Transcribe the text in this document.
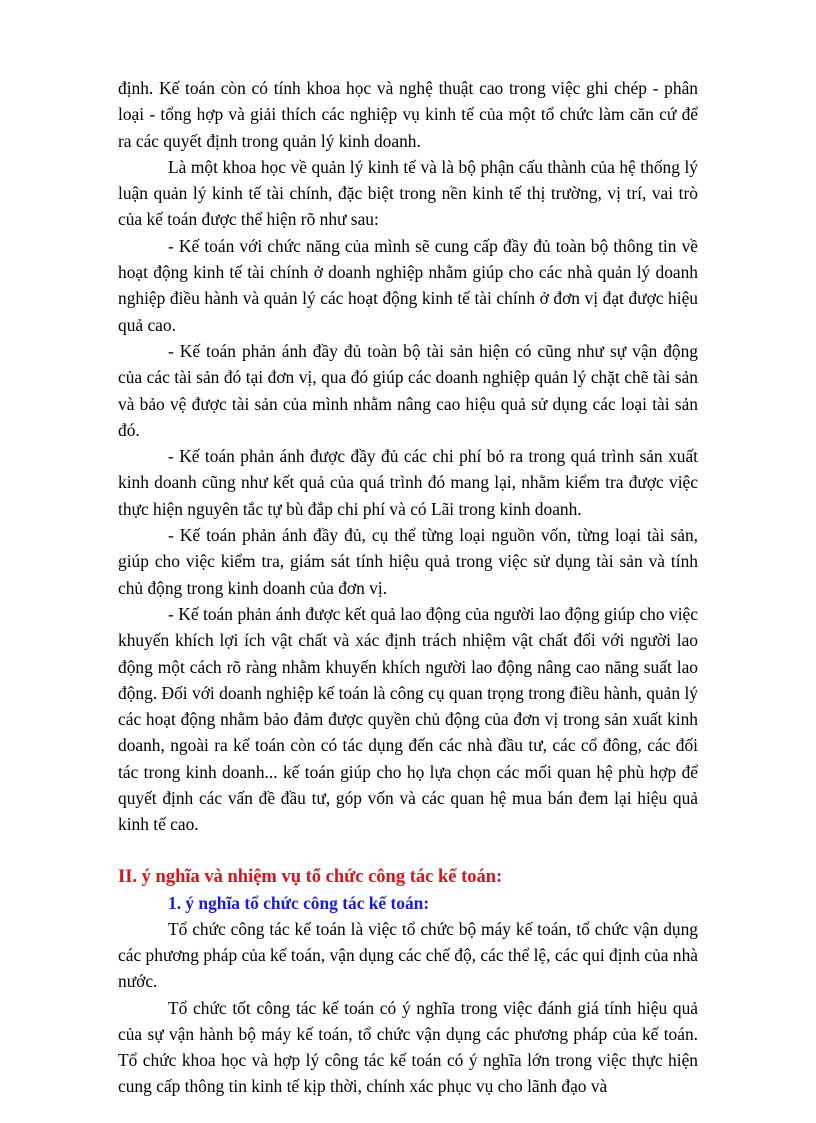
định. Kế toán còn có tính khoa học và nghệ thuật cao trong việc ghi chép - phân loại - tổng hợp và giải thích các nghiệp vụ kinh tế của một tổ chức làm căn cứ để ra các quyết định trong quản lý kinh doanh.

Là một khoa học về quản lý kinh tế và là bộ phận cấu thành của hệ thống lý luận quản lý kinh tế tài chính, đặc biệt trong nền kinh tế thị trường, vị trí, vai trò của kế toán được thể hiện rõ như sau:

- Kế toán với chức năng của mình sẽ cung cấp đầy đủ toàn bộ thông tin về hoạt động kinh tế tài chính ở doanh nghiệp nhằm giúp cho các nhà quản lý doanh nghiệp điều hành và quản lý các hoạt động kinh tế tài chính ở đơn vị đạt được hiệu quả cao.

- Kế toán phản ánh đầy đủ toàn bộ tài sản hiện có cũng như sự vận động của các tài sản đó tại đơn vị, qua đó giúp các doanh nghiệp quản lý chặt chẽ tài sản và bảo vệ được tài sản của mình nhằm nâng cao hiệu quả sử dụng các loại tài sản đó.

- Kế toán phản ánh được đầy đủ các chi phí bỏ ra trong quá trình sản xuất kinh doanh cũng như kết quả của quá trình đó mang lại, nhằm kiểm tra được việc thực hiện nguyên tắc tự bù đắp chi phí và có Lãi trong kinh doanh.

- Kế toán phản ánh đầy đủ, cụ thể từng loại nguồn vốn, từng loại tài sản, giúp cho việc kiểm tra, giám sát tính hiệu quả trong việc sử dụng tài sản và tính chủ động trong kinh doanh của đơn vị.

- Kế toán phản ánh được kết quả lao động của người lao động giúp cho việc khuyến khích lợi ích vật chất và xác định trách nhiệm vật chất đối với người lao động một cách rõ ràng nhằm khuyến khích người lao động nâng cao năng suất lao động. Đối với doanh nghiệp kế toán là công cụ quan trọng trong điều hành, quản lý các hoạt động nhằm bảo đảm được quyền chủ động của đơn vị trong sản xuất kinh doanh, ngoài ra kế toán còn có tác dụng đến các nhà đầu tư, các cổ đông, các đối tác trong kinh doanh... kế toán giúp cho họ lựa chọn các mối quan hệ phù hợp để quyết định các vấn đề đầu tư, góp vốn và các quan hệ mua bán đem lại hiệu quả kinh tế cao.

II. ý nghĩa và nhiệm vụ tổ chức công tác kế toán:
1. ý nghĩa tổ chức công tác kế toán:

Tổ chức công tác kế toán là việc tổ chức bộ máy kế toán, tổ chức vận dụng các phương pháp của kế toán, vận dụng các chế độ, các thể lệ, các qui định của nhà nước.

Tổ chức tốt công tác kế toán có ý nghĩa trong việc đánh giá tính hiệu quả của sự vận hành bộ máy kế toán, tổ chức vận dụng các phương pháp của kế toán. Tổ chức khoa học và hợp lý công tác kế toán có ý nghĩa lớn trong việc thực hiện cung cấp thông tin kinh tế kịp thời, chính xác phục vụ cho lãnh đạo và
